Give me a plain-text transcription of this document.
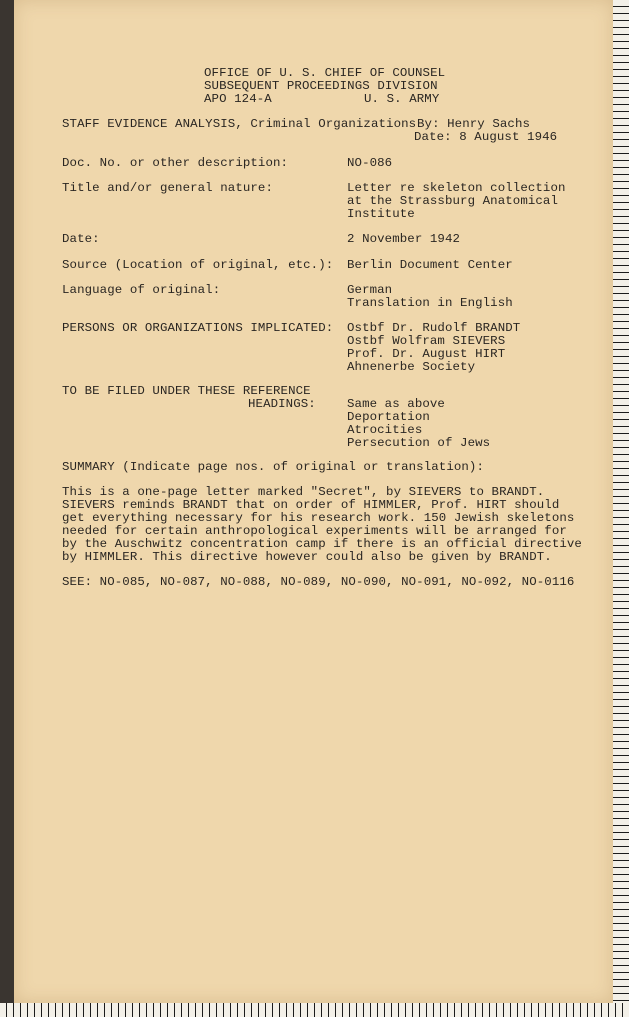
OFFICE OF U. S. CHIEF OF COUNSEL
SUBSEQUENT PROCEEDINGS DIVISION
APO 124-A	U. S. ARMY
STAFF EVIDENCE ANALYSIS, Criminal Organizations By: Henry Sachs
Date: 8 August 1946
Doc. No. or other description:	NO-086
Title and/or general nature:	Letter re skeleton collection
at the Strassburg Anatomical
Institute
Date:	2 November 1942
Source (Location of original, etc.): Berlin Document Center
Language of original:	German
Translation in English
PERSONS OR ORGANIZATIONS IMPLICATED: Ostbf Dr. Rudolf BRANDT
Ostbf Wolfram SIEVERS
Prof. Dr. August HIRT
Ahnenerbe Society
TO BE FILED UNDER THESE REFERENCE
HEADINGS:	Same as above
Deportation
Atrocities
Persecution of Jews
SUMMARY (Indicate page nos. of original or translation):
This is a one-page letter marked "Secret", by SIEVERS to BRANDT.
SIEVERS reminds BRANDT that on order of HIMMLER, Prof. HIRT should
get everything necessary for his research work. 150 Jewish skeletons
needed for certain anthropological experiments will be arranged for
by the Auschwitz concentration camp if there is an official directive
by HIMMLER. This directive however could also be given by BRANDT.
SEE: NO-085, NO-087, NO-088, NO-089, NO-090, NO-091, NO-092, NO-0116
